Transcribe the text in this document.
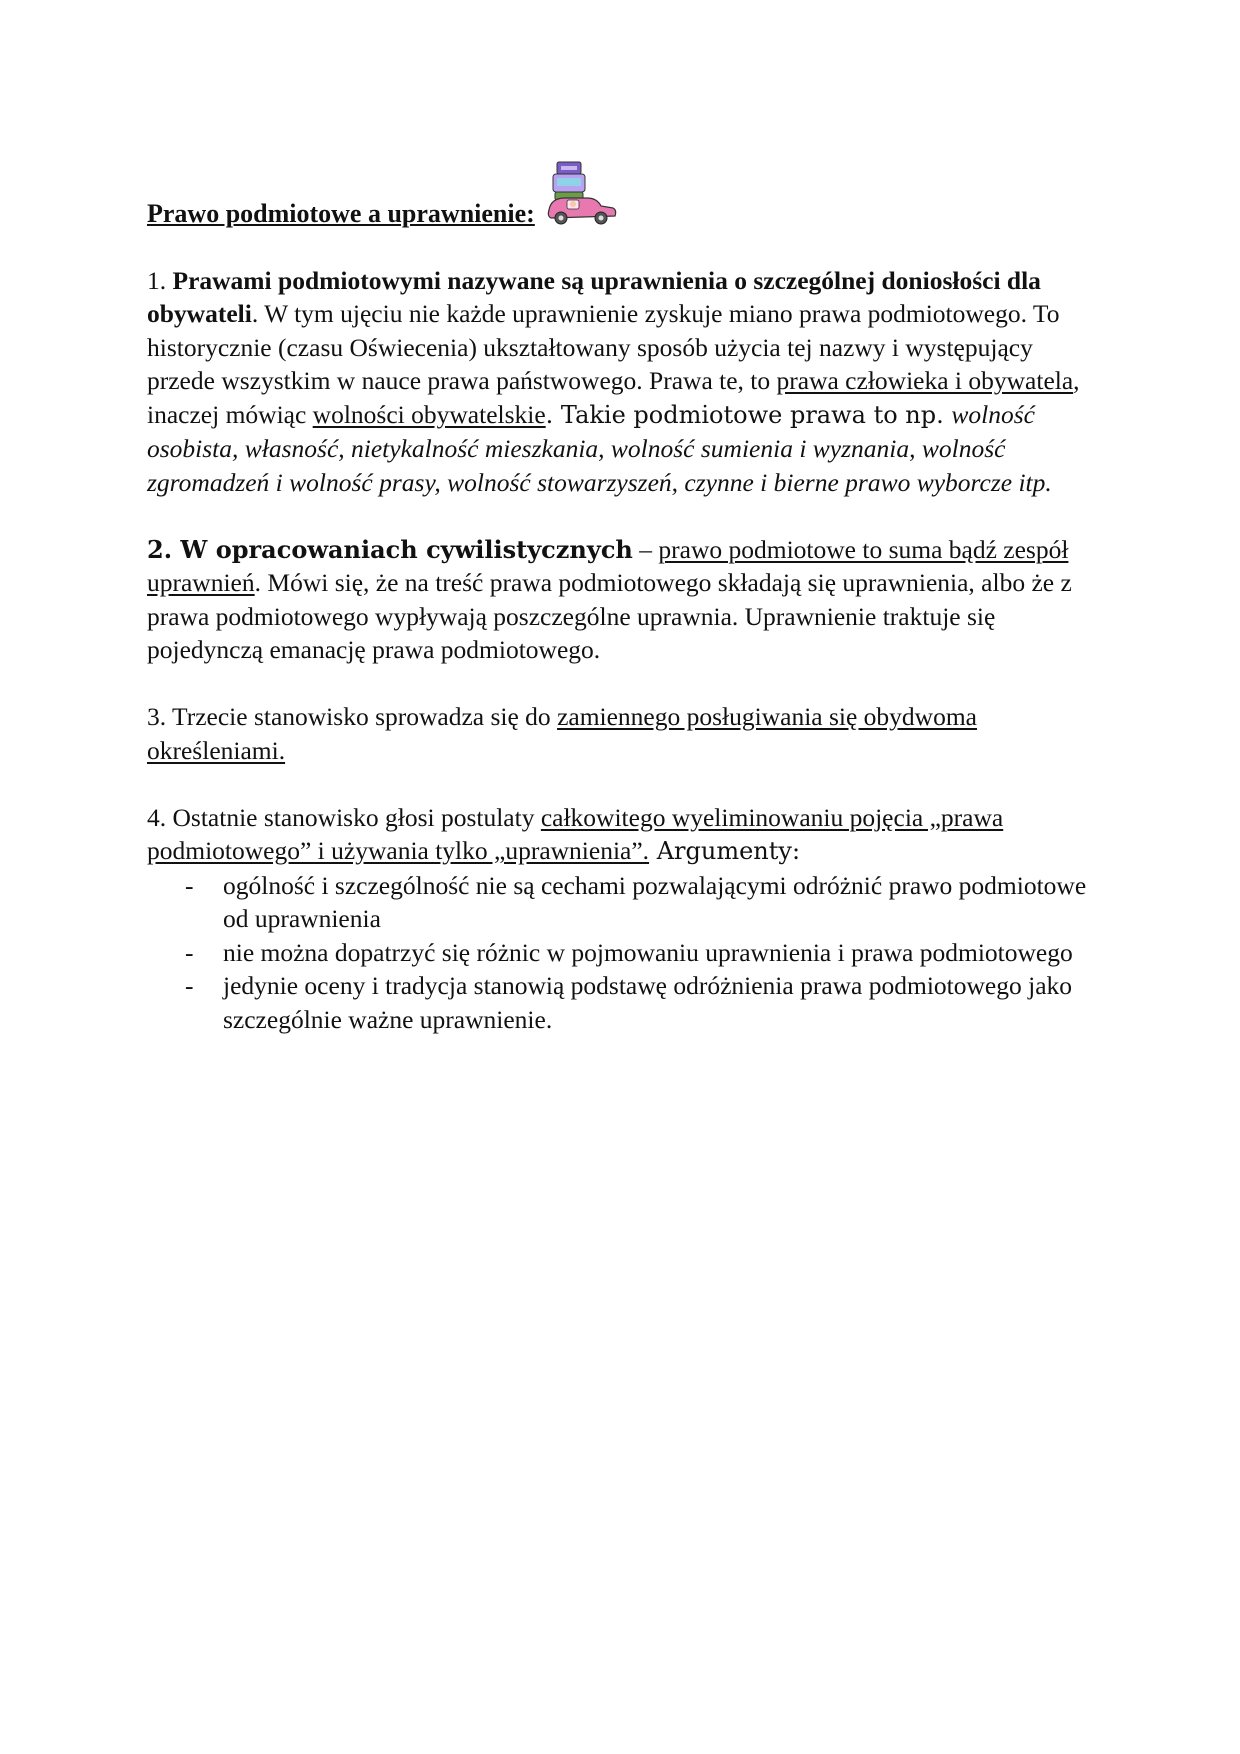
Prawo podmiotowe a uprawnienie:

1. Prawami podmiotowymi nazywane są uprawnienia o szczególnej doniosłości dla obywateli. W tym ujęciu nie każde uprawnienie zyskuje miano prawa podmiotowego. To historycznie (czasu Oświecenia) ukształtowany sposób użycia tej nazwy i występujący przede wszystkim w nauce prawa państwowego. Prawa te, to prawa człowieka i obywatela, inaczej mówiąc wolności obywatelskie. Takie podmiotowe prawa to np. wolność osobista, własność, nietykalność mieszkania, wolność sumienia i wyznania, wolność zgromadzeń i wolność prasy, wolność stowarzyszeń, czynne i bierne prawo wyborcze itp.

2. W opracowaniach cywilistycznych – prawo podmiotowe to suma bądź zespół uprawnień. Mówi się, że na treść prawa podmiotowego składają się uprawnienia, albo że z prawa podmiotowego wypływają poszczególne uprawnia. Uprawnienie traktuje się pojedynczą emanację prawa podmiotowego.

3. Trzecie stanowisko sprowadza się do zamiennego posługiwania się obydwoma określeniami.

4. Ostatnie stanowisko głosi postulaty całkowitego wyeliminowaniu pojęcia „prawa podmiotowego” i używania tylko „uprawnienia”. Argumenty:

-	ogólność i szczególność nie są cechami pozwalającymi odróżnić prawo podmiotowe od uprawnienia
-	nie można dopatrzyć się różnic w pojmowaniu uprawnienia i prawa podmiotowego
-	jedynie oceny i tradycja stanowią podstawę odróżnienia prawa podmiotowego jako szczególnie ważne uprawnienie.
